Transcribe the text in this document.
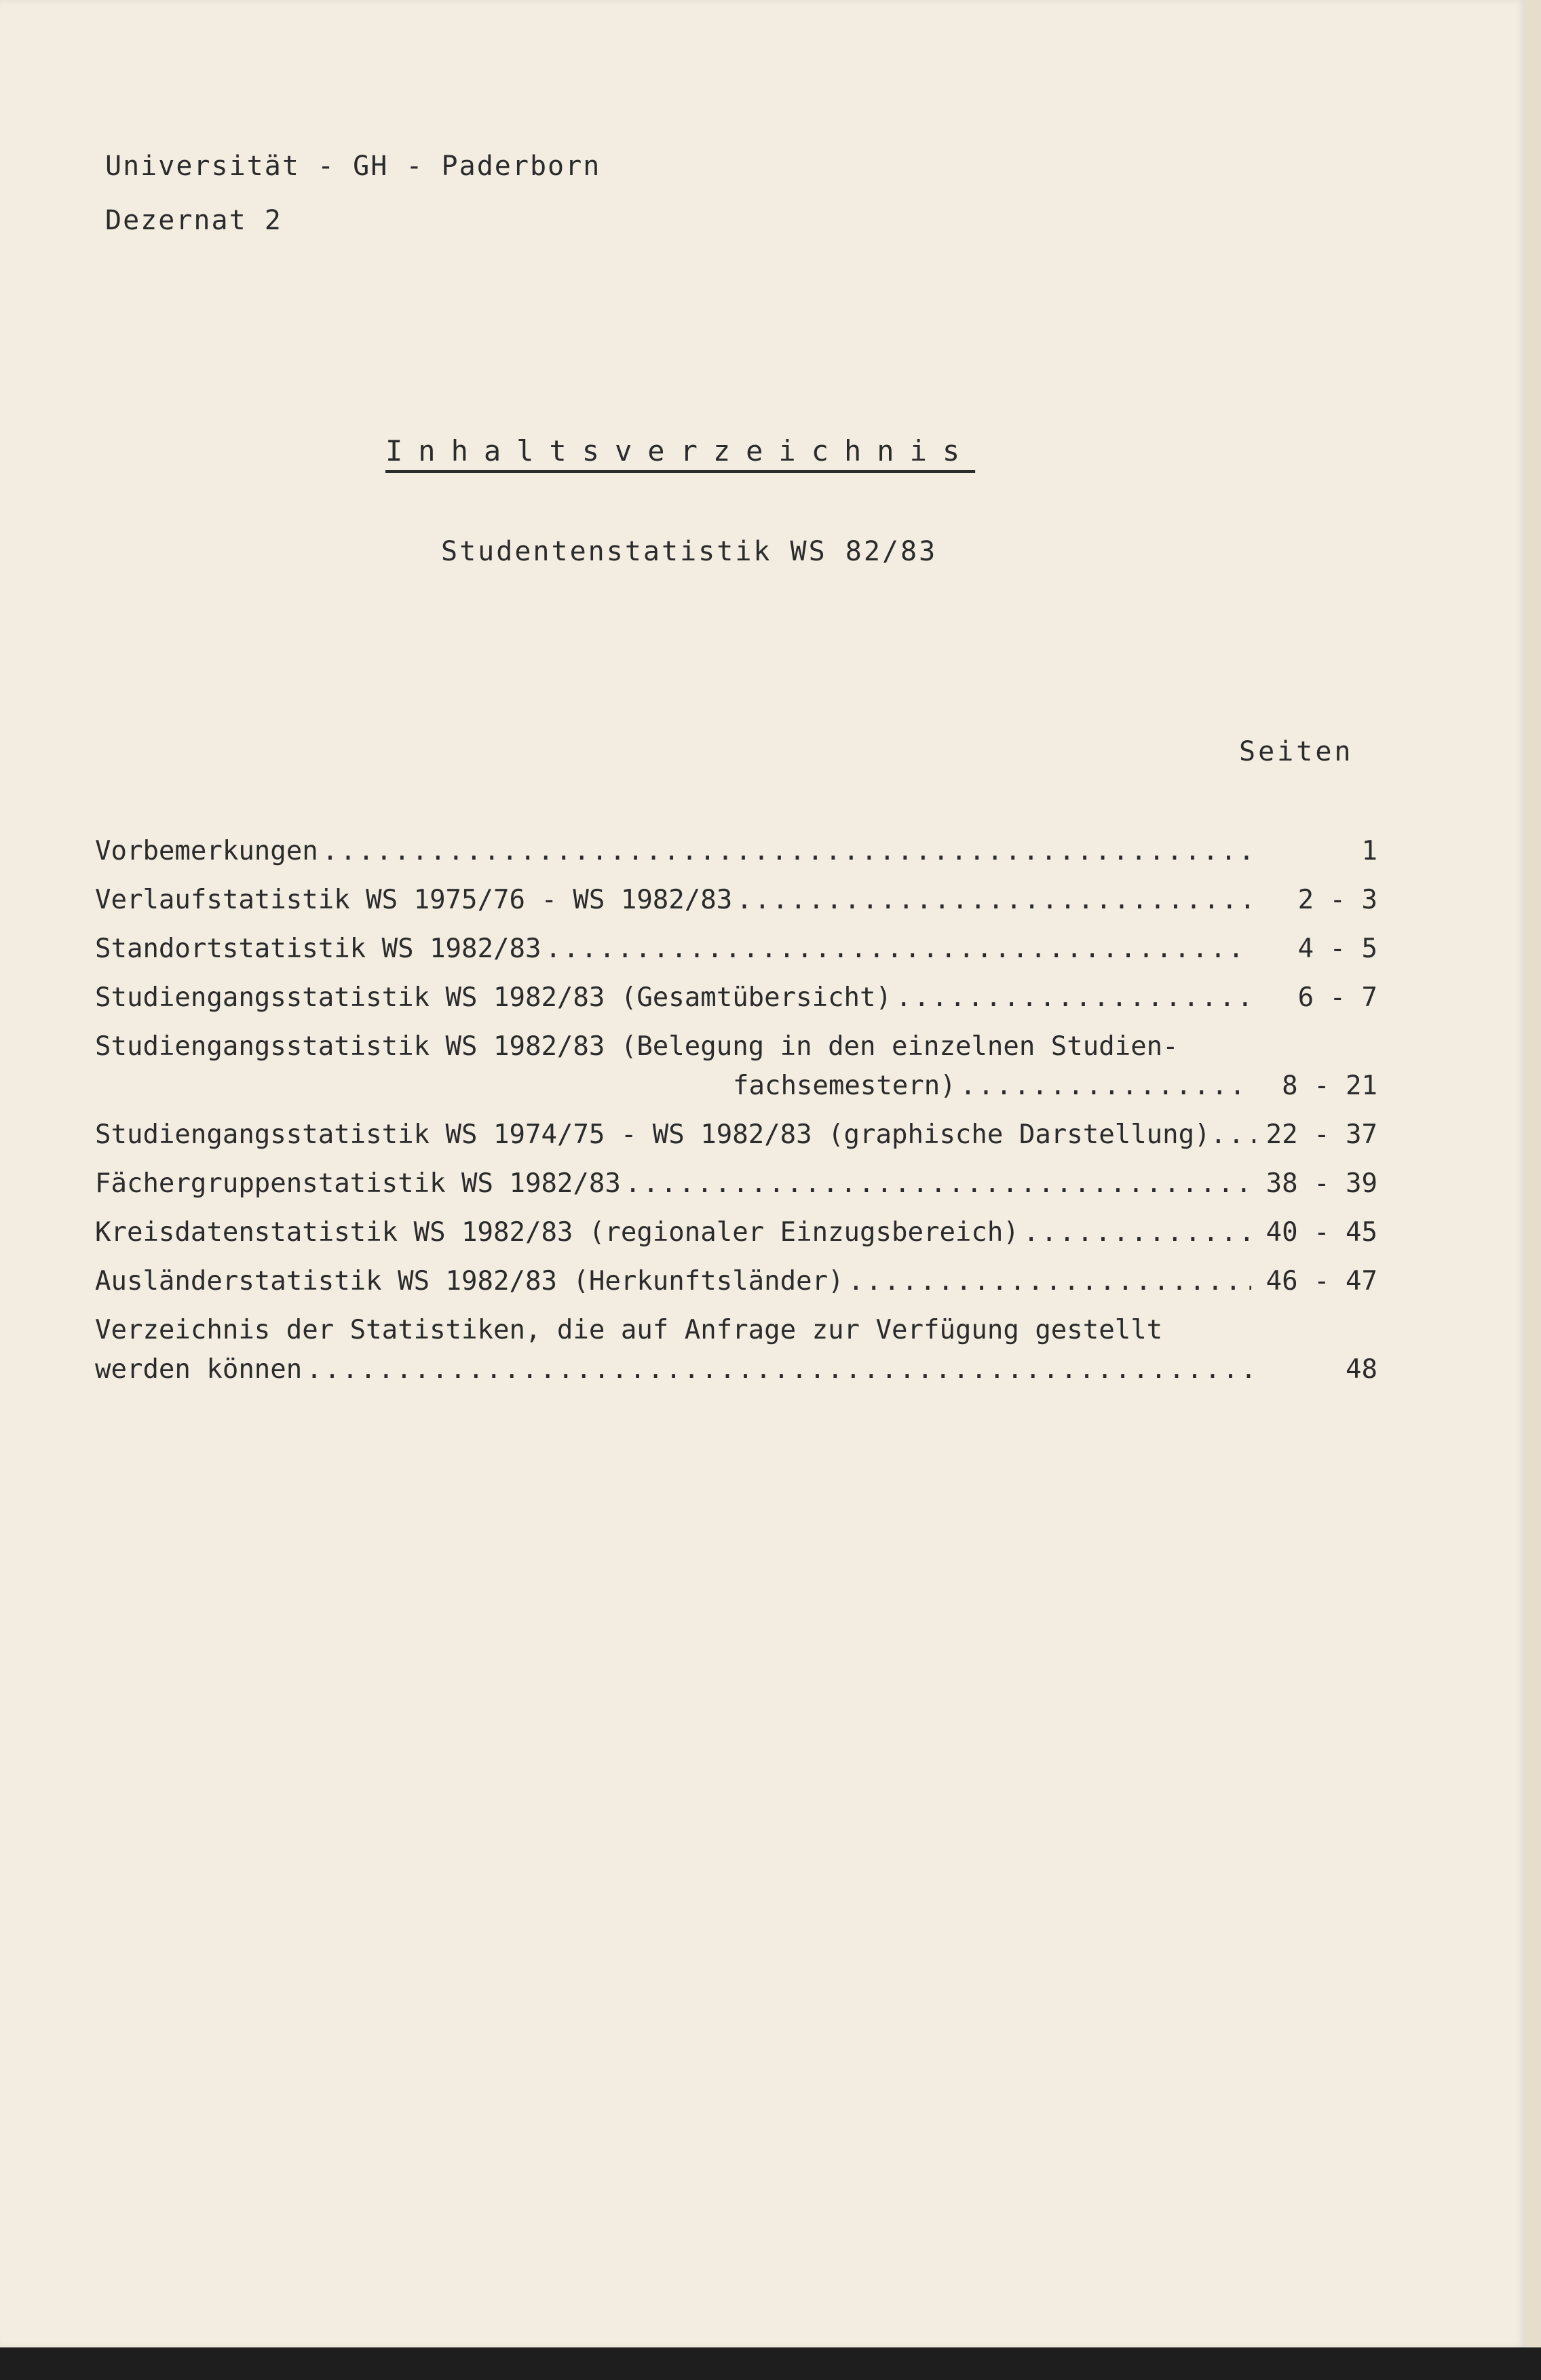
Universität - GH - Paderborn
Dezernat 2
Inhaltsverzeichnis
Studentenstatistik WS 82/83
Seiten
Vorbemerkungen .....	1
Verlaufstatistik WS 1975/76 - WS 1982/83 .....	2 - 3
Standortstatistik WS 1982/83 .....	4 - 5
Studiengangsstatistik WS 1982/83 (Gesamtübersicht) .....	6 - 7
Studiengangsstatistik WS 1982/83 (Belegung in den einzelnen Studien-
fachsemestern) .....	8 - 21
Studiengangsstatistik WS 1974/75 - WS 1982/83 (graphische Darstellung) .....	22 - 37
Fächergruppenstatistik WS 1982/83 .....	38 - 39
Kreisdatenstatistik WS 1982/83 (regionaler Einzugsbereich) .....	40 - 45
Ausländerstatistik WS 1982/83 (Herkunftsländer) .....	46 - 47
Verzeichnis der Statistiken, die auf Anfrage zur Verfügung gestellt
werden können .....	48
